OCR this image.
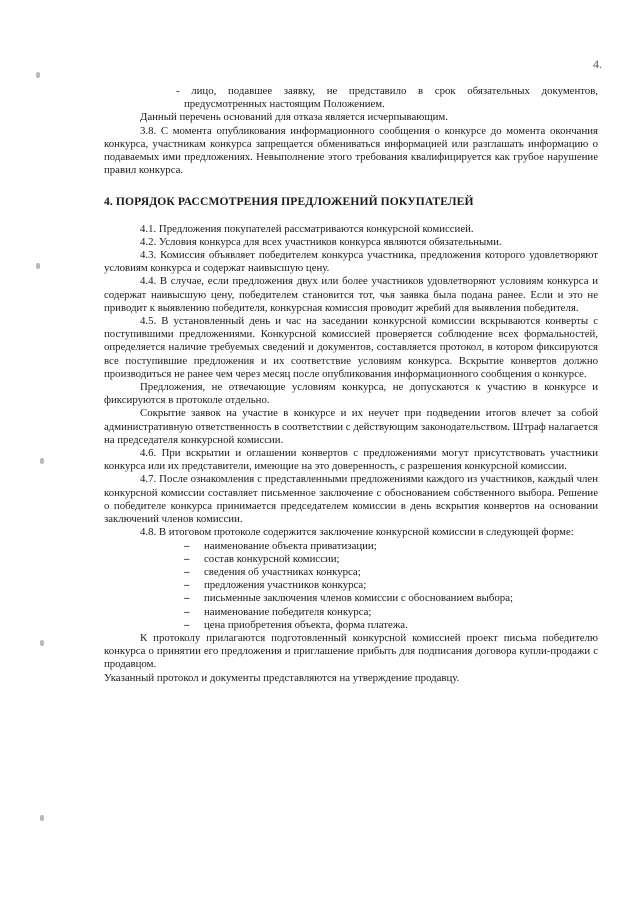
4.

- лицо, подавшее заявку, не представило в срок обязательных документов, предусмотренных настоящим Положением.

Данный перечень оснований для отказа является исчерпывающим.

3.8. С момента опубликования информационного сообщения о конкурсе до момента окончания конкурса, участникам конкурса запрещается обмениваться информацией или разглашать информацию о подаваемых ими предложениях. Невыполнение этого требования квалифицируется как грубое нарушение правил конкурса.

4. ПОРЯДОК РАССМОТРЕНИЯ ПРЕДЛОЖЕНИЙ ПОКУПАТЕЛЕЙ

4.1. Предложения покупателей рассматриваются конкурсной комиссией.

4.2. Условия конкурса для всех участников конкурса являются обязательными.

4.3. Комиссия объявляет победителем конкурса участника, предложения которого удовлетворяют условиям конкурса и содержат наивысшую цену.

4.4. В случае, если предложения двух или более участников удовлетворяют условиям конкурса и содержат наивысшую цену, победителем становится тот, чья заявка была подана ранее. Если и это не приводит к выявлению победителя, конкурсная комиссия проводит жребий для выявления победителя.

4.5. В установленный день и час на заседании конкурсной комиссии вскрываются конверты с поступившими предложениями. Конкурсной комиссией проверяется соблюдение всех формальностей, определяется наличие требуемых сведений и документов, составляется протокол, в котором фиксируются все поступившие предложения и их соответствие условиям конкурса. Вскрытие конвертов должно производиться не ранее чем через месяц после опубликования информационного сообщения о конкурсе.

Предложения, не отвечающие условиям конкурса, не допускаются к участию в конкурсе и фиксируются в протоколе отдельно.

Сокрытие заявок на участие в конкурсе и их неучет при подведении итогов влечет за собой административную ответственность в соответствии с действующим законодательством. Штраф налагается на председателя конкурсной комиссии.

4.6. При вскрытии и оглашении конвертов с предложениями могут присутствовать участники конкурса или их представители, имеющие на это доверенность, с разрешения конкурсной комиссии.

4.7. После ознакомления с представленными предложениями каждого из участников, каждый член конкурсной комиссии составляет письменное заключение с обоснованием собственного выбора. Решение о победителе конкурса принимается председателем комиссии в день вскрытия конвертов на основании заключений членов комиссии.

4.8. В итоговом протоколе содержится заключение конкурсной комиссии в следующей форме:

– наименование объекта приватизации;
– состав конкурсной комиссии;
– сведения об участниках конкурса;
– предложения участников конкурса;
– письменные заключения членов комиссии с обоснованием выбора;
– наименование победителя конкурса;
– цена приобретения объекта, форма платежа.

К протоколу прилагаются подготовленный конкурсной комиссией проект письма победителю конкурса о принятии его предложения и приглашение прибыть для подписания договора купли-продажи с продавцом.

Указанный протокол и документы представляются на утверждение продавцу.
